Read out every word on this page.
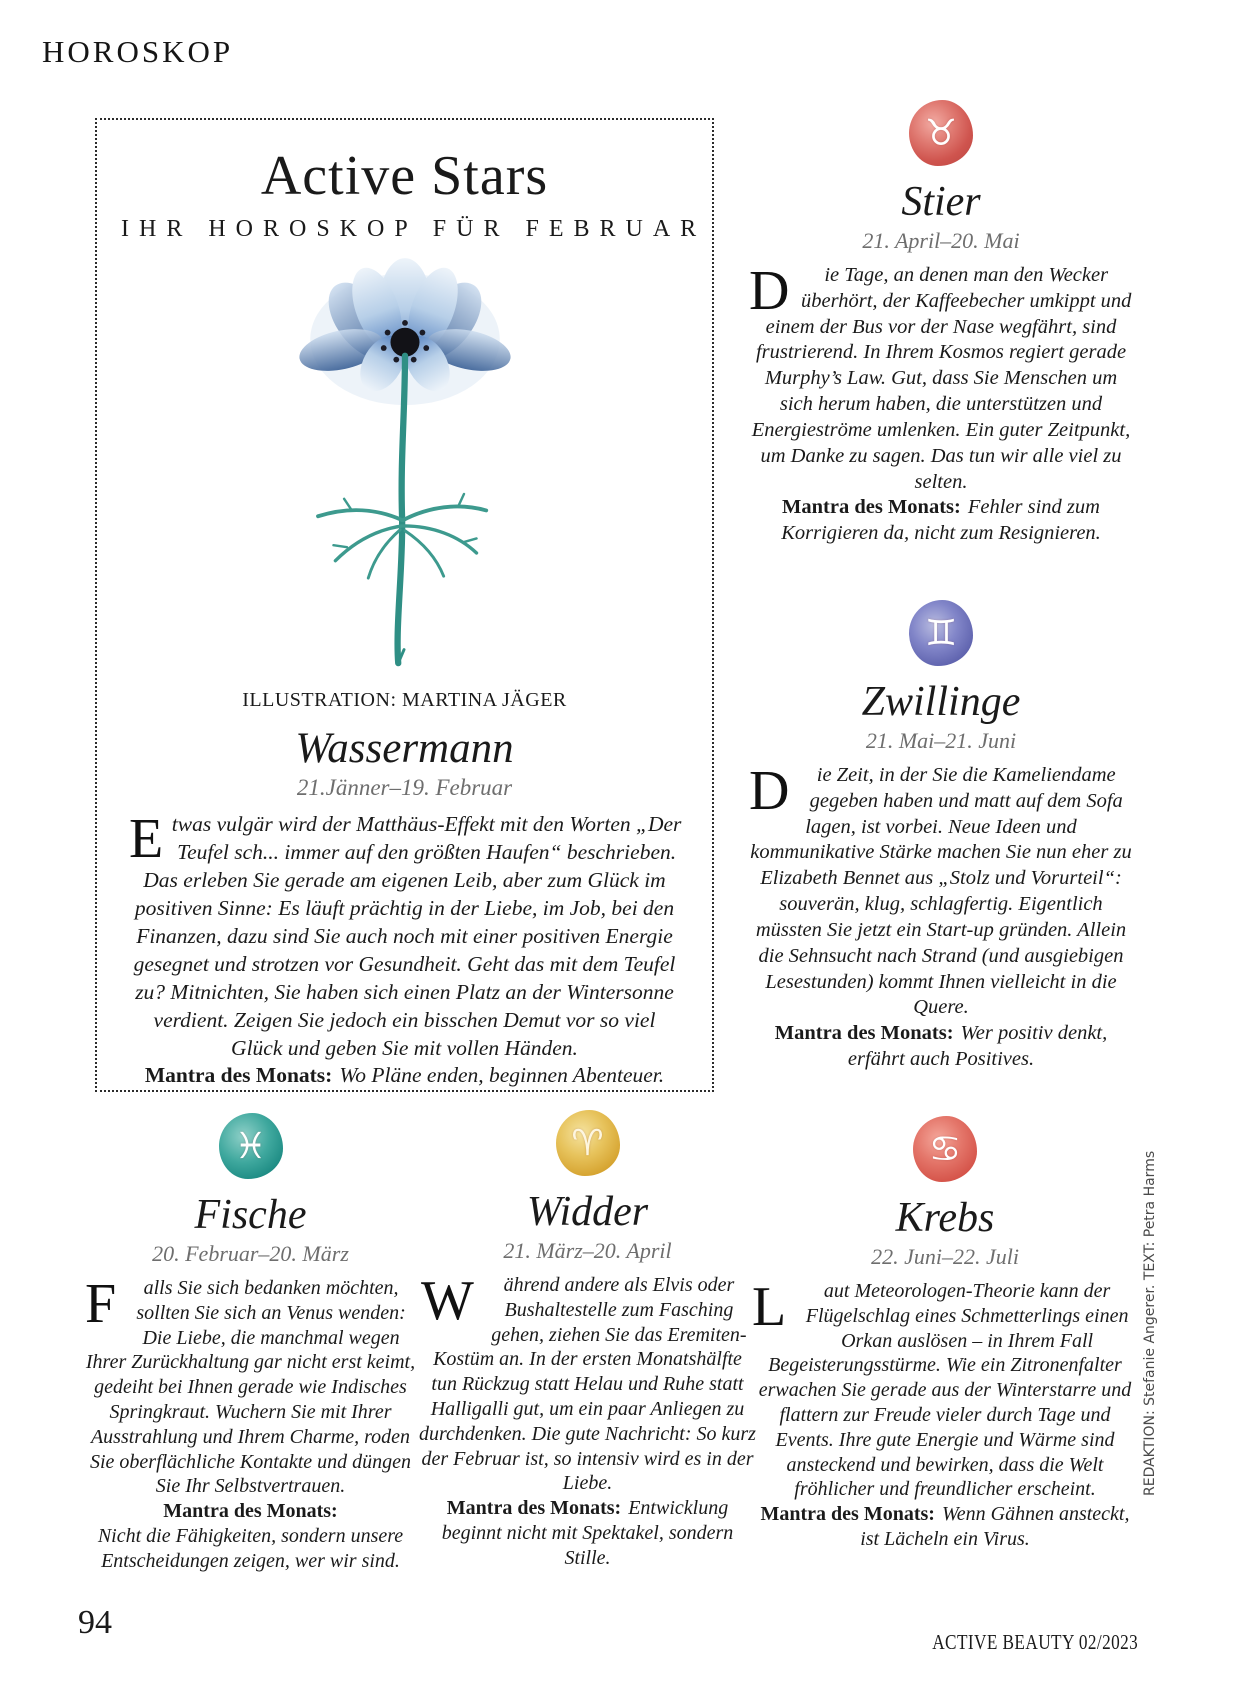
HOROSKOP
Active Stars
IHR HOROSKOP FÜR FEBRUAR
ILLUSTRATION: MARTINA JÄGER
Wassermann
21.Jänner–19. Februar

Etwas vulgär wird der Matthäus-Effekt mit den Worten „Der Teufel sch... immer auf den größten Haufen“ beschrieben. Das erleben Sie gerade am eigenen Leib, aber zum Glück im positiven Sinne: Es läuft prächtig in der Liebe, im Job, bei den Finanzen, dazu sind Sie auch noch mit einer positiven Energie gesegnet und strotzen vor Gesundheit. Geht das mit dem Teufel zu? Mitnichten, Sie haben sich einen Platz an der Wintersonne verdient. Zeigen Sie jedoch ein bisschen Demut vor so viel Glück und geben Sie mit vollen Händen.

Mantra des Monats: Wo Pläne enden, beginnen Abenteuer.
♉
Stier
21. April–20. Mai

D ie Tage, an denen man den Wecker überhört, der Kaffeebecher umkippt und einem der Bus vor der Nase wegfährt, sind frustrierend. In Ihrem Kosmos regiert gerade Murphy’s Law. Gut, dass Sie Menschen um sich herum haben, die unterstützen und Energieströme umlenken. Ein guter Zeitpunkt, um Danke zu sagen. Das tun wir alle viel zu selten.

Mantra des Monats: Fehler sind zum Korrigieren da, nicht zum Resignieren.
♊
Zwillinge
21. Mai–21. Juni

D ie Zeit, in der Sie die Kameliendame gegeben haben und matt auf dem Sofa lagen, ist vorbei. Neue Ideen und kommunikative Stärke machen Sie nun eher zu Elizabeth Bennet aus „Stolz und Vorurteil“: souverän, klug, schlagfertig. Eigentlich müssten Sie jetzt ein Start-up gründen. Allein die Sehnsucht nach Strand (und ausgiebigen Lesestunden) kommt Ihnen vielleicht in die Quere.

Mantra des Monats: Wer positiv denkt, erfährt auch Positives.
♓
Fische
20. Februar–20. März

F alls Sie sich bedanken möchten, sollten Sie sich an Venus wenden: Die Liebe, die manchmal wegen Ihrer Zurückhaltung gar nicht erst keimt, gedeiht bei Ihnen gerade wie Indisches Springkraut. Wuchern Sie mit Ihrer Ausstrahlung und Ihrem Charme, roden Sie oberflächliche Kontakte und düngen Sie Ihr Selbstvertrauen.

Mantra des Monats:
Nicht die Fähigkeiten, sondern unsere Entscheidungen zeigen, wer wir sind.
♈
Widder
21. März–20. April

W ährend andere als Elvis oder Bushaltestelle zum Fasching gehen, ziehen Sie das Eremiten-Kostüm an. In der ersten Monatshälfte tun Rückzug statt Helau und Ruhe statt Halligalli gut, um ein paar Anliegen zu durchdenken. Die gute Nachricht: So kurz der Februar ist, so intensiv wird es in der Liebe.

Mantra des Monats: Entwicklung beginnt nicht mit Spektakel, sondern Stille.
♋
Krebs
22. Juni–22. Juli

L aut Meteorologen-Theorie kann der Flügelschlag eines Schmetterlings einen Orkan auslösen – in Ihrem Fall Begeisterungsstürme. Wie ein Zitronenfalter erwachen Sie gerade aus der Winterstarre und flattern zur Freude vieler durch Tage und Events. Ihre gute Energie und Wärme sind ansteckend und bewirken, dass die Welt fröhlicher und freundlicher erscheint.

Mantra des Monats: Wenn Gähnen ansteckt, ist Lächeln ein Virus.
REDAKTION: Stefanie Angerer. TEXT: Petra Harms
94
ACTIVE BEAUTY 02/2023
